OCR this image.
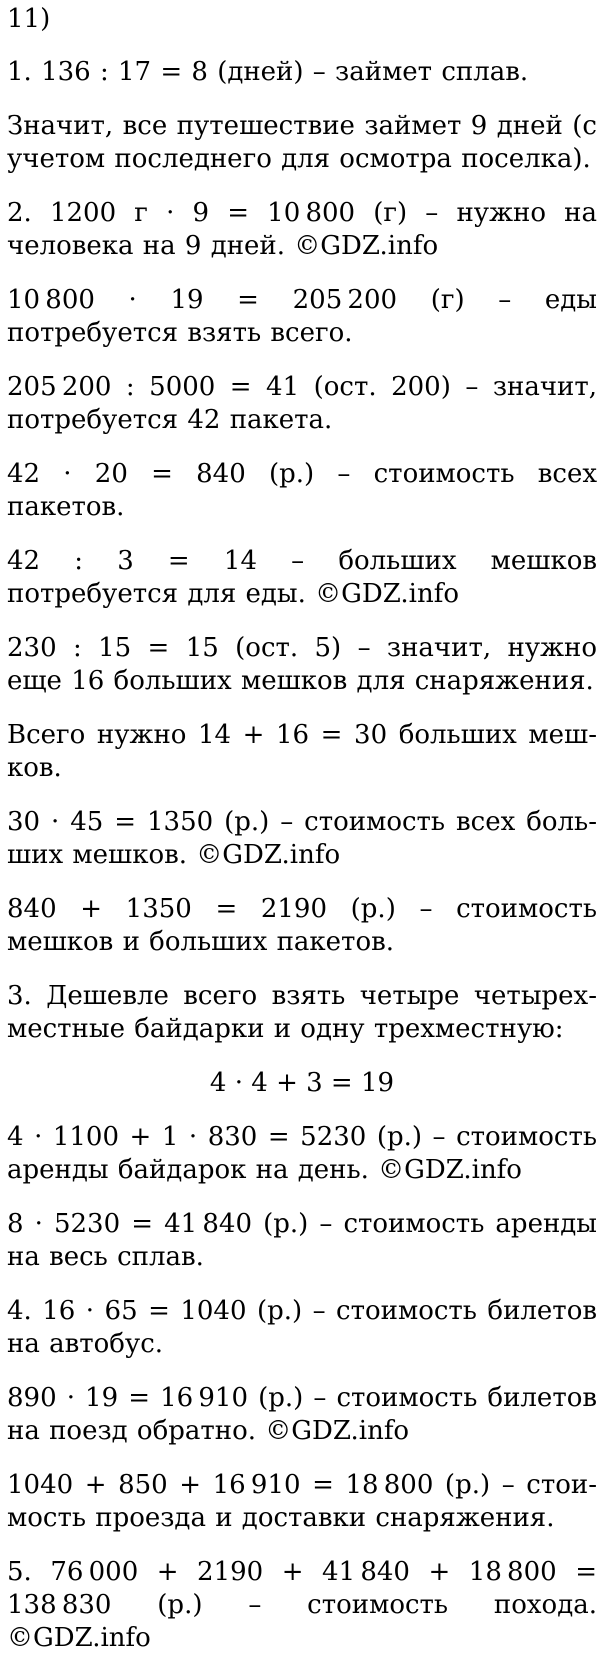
11)

1. 136 : 17 = 8 (дней) – займет сплав.

Значит, все путешествие займет 9 дней (с учетом последнего для осмотра поселка).

2. 1200 г · 9 = 10 800 (г) – нужно на человека на 9 дней. ©GDZ.info

10 800 · 19 = 205 200 (г) – еды потребуется взять всего.

205 200 : 5000 = 41 (ост. 200) – значит, потребуется 42 пакета.

42 · 20 = 840 (р.) – стоимость всех пакетов.

42 : 3 = 14 – больших мешков потребуется для еды. ©GDZ.info

230 : 15 = 15 (ост. 5) – значит, нужно еще 16 больших мешков для снаряжения.

Всего нужно 14 + 16 = 30 больших мешков.

30 · 45 = 1350 (р.) – стоимость всех больших мешков. ©GDZ.info

840 + 1350 = 2190 (р.) – стоимость мешков и больших пакетов.

3. Дешевле всего взять четыре четырехместные байдарки и одну трехместную:

4 · 4 + 3 = 19

4 · 1100 + 1 · 830 = 5230 (р.) – стоимость аренды байдарок на день. ©GDZ.info

8 · 5230 = 41 840 (р.) – стоимость аренды на весь сплав.

4. 16 · 65 = 1040 (р.) – стоимость билетов на автобус.

890 · 19 = 16 910 (р.) – стоимость билетов на поезд обратно. ©GDZ.info

1040 + 850 + 16 910 = 18 800 (р.) – стоимость проезда и доставки снаряжения.

5. 76 000 + 2190 + 41 840 + 18 800 = 138 830 (р.) – стоимость похода. ©GDZ.info
